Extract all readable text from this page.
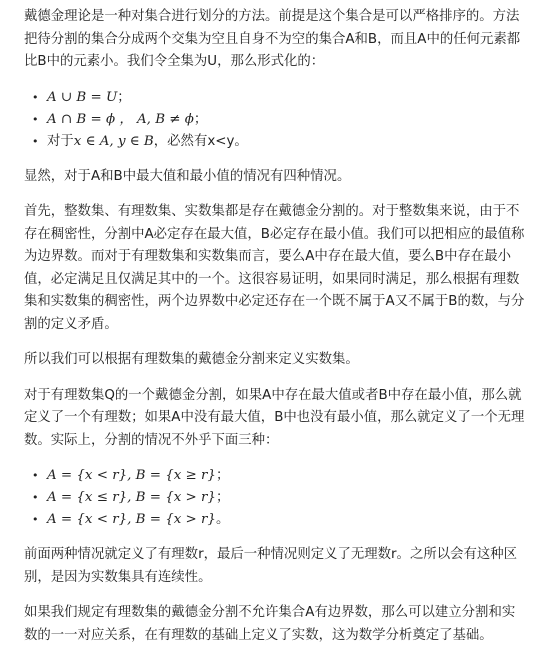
戴德金理论是一种对集合进行划分的方法。前提是这个集合是可以严格排序的。方法把待分割的集合分成两个交集为空且自身不为空的集合A和B，而且A中的任何元素都比B中的元素小。我们令全集为U，那么形式化的：

• A ∪ B = U；
• A ∩ B = ϕ ， A, B ≠ ϕ；
• 对于x ∈ A, y ∈ B，必然有x<y。

显然，对于A和B中最大值和最小值的情况有四种情况。

首先，整数集、有理数集、实数集都是存在戴德金分割的。对于整数集来说，由于不存在稠密性，分割中A必定存在最大值，B必定存在最小值。我们可以把相应的最值称为边界数。而对于有理数集和实数集而言，要么A中存在最大值，要么B中存在最小值，必定满足且仅满足其中的一个。这很容易证明，如果同时满足，那么根据有理数集和实数集的稠密性，两个边界数中必定还存在一个既不属于A又不属于B的数，与分割的定义矛盾。

所以我们可以根据有理数集的戴德金分割来定义实数集。

对于有理数集Q的一个戴德金分割，如果A中存在最大值或者B中存在最小值，那么就定义了一个有理数；如果A中没有最大值，B中也没有最小值，那么就定义了一个无理数。实际上，分割的情况不外乎下面三种：

• A = {x < r}, B = {x ≥ r}；
• A = {x ≤ r}, B = {x > r}；
• A = {x < r}, B = {x > r}。

前面两种情况就定义了有理数r，最后一种情况则定义了无理数r。之所以会有这种区别，是因为实数集具有连续性。

如果我们规定有理数集的戴德金分割不允许集合A有边界数，那么可以建立分割和实数的一一对应关系，在有理数的基础上定义了实数，这为数学分析奠定了基础。
